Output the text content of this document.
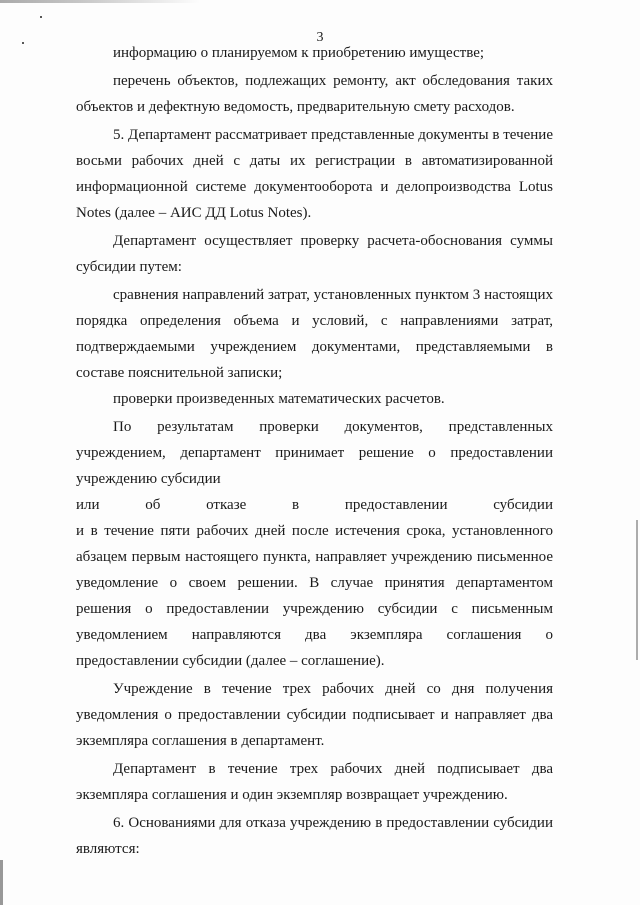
3

информацию о планируемом к приобретению имуществе;

перечень объектов, подлежащих ремонту, акт обследования таких объектов и дефектную ведомость, предварительную смету расходов.

5. Департамент рассматривает представленные документы в течение восьми рабочих дней с даты их регистрации в автоматизированной информационной системе документооборота и делопроизводства Lotus Notes (далее – АИС ДД Lotus Notes).

Департамент осуществляет проверку расчета-обоснования суммы субсидии путем:

сравнения направлений затрат, установленных пунктом 3 настоящих порядка определения объема и условий, с направлениями затрат, подтверждаемыми учреждением документами, представляемыми в составе пояснительной записки;

проверки произведенных математических расчетов.

По результатам проверки документов, представленных учреждением, департамент принимает решение о предоставлении учреждению субсидии

или	об	отказе	в	предоставлении	субсидии

и в течение пяти рабочих дней после истечения срока, установленного абзацем первым настоящего пункта, направляет учреждению письменное уведомление о своем решении. В случае принятия департаментом решения о предоставлении учреждению субсидии с письменным уведомлением направляются два экземпляра соглашения о предоставлении субсидии (далее – соглашение).

Учреждение в течение трех рабочих дней со дня получения уведомления о предоставлении субсидии подписывает и направляет два экземпляра соглашения в департамент.

Департамент в течение трех рабочих дней подписывает два экземпляра соглашения и один экземпляр возвращает учреждению.

6. Основаниями для отказа учреждению в предоставлении субсидии являются:
